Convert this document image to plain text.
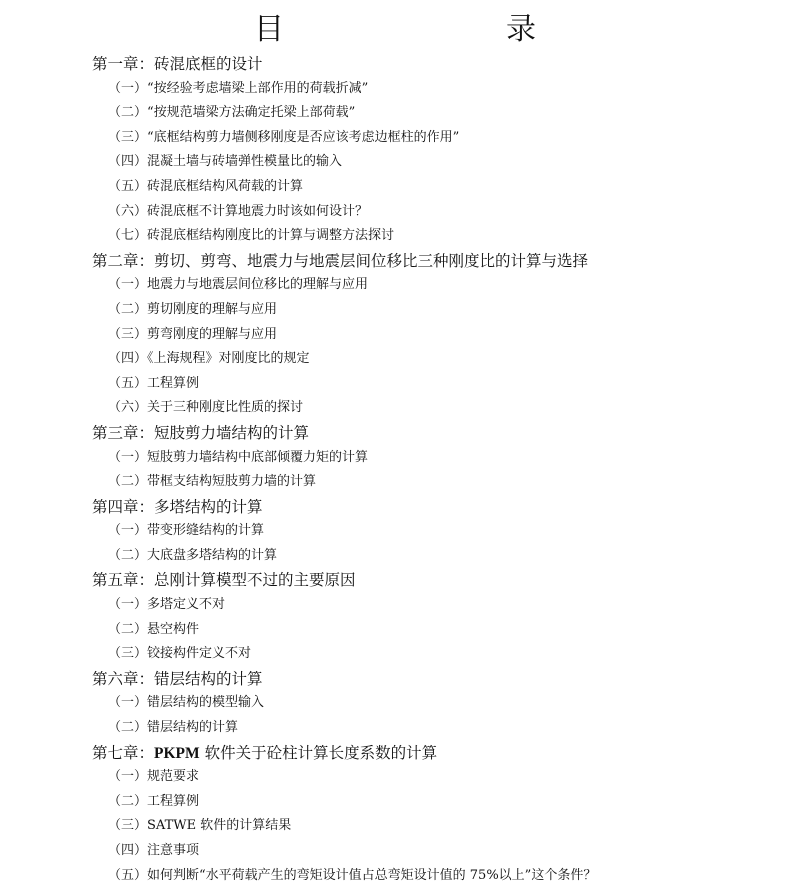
目　　录
第一章：砖混底框的设计
（一）“按经验考虑墙梁上部作用的荷载折减”
（二）“按规范墙梁方法确定托梁上部荷载”
（三）“底框结构剪力墙侧移刚度是否应该考虑边框柱的作用”
（四）混凝土墙与砖墙弹性模量比的输入
（五）砖混底框结构风荷载的计算
（六）砖混底框不计算地震力时该如何设计？
（七）砖混底框结构刚度比的计算与调整方法探讨
第二章：剪切、剪弯、地震力与地震层间位移比三种刚度比的计算与选择
（一）地震力与地震层间位移比的理解与应用
（二）剪切刚度的理解与应用
（三）剪弯刚度的理解与应用
（四）《上海规程》对刚度比的规定
（五）工程算例
（六）关于三种刚度比性质的探讨
第三章：短肢剪力墙结构的计算
（一）短肢剪力墙结构中底部倾覆力矩的计算
（二）带框支结构短肢剪力墙的计算
第四章：多塔结构的计算
（一）带变形缝结构的计算
（二）大底盘多塔结构的计算
第五章：总刚计算模型不过的主要原因
（一）多塔定义不对
（二）悬空构件
（三）铰接构件定义不对
第六章：错层结构的计算
（一）错层结构的模型输入
（二）错层结构的计算
第七章：PKPM 软件关于砼柱计算长度系数的计算
（一）规范要求
（二）工程算例
（三）SATWE 软件的计算结果
（四）注意事项
（五）如何判断“水平荷载产生的弯矩设计值占总弯矩设计值的 75%以上”这个条件？
